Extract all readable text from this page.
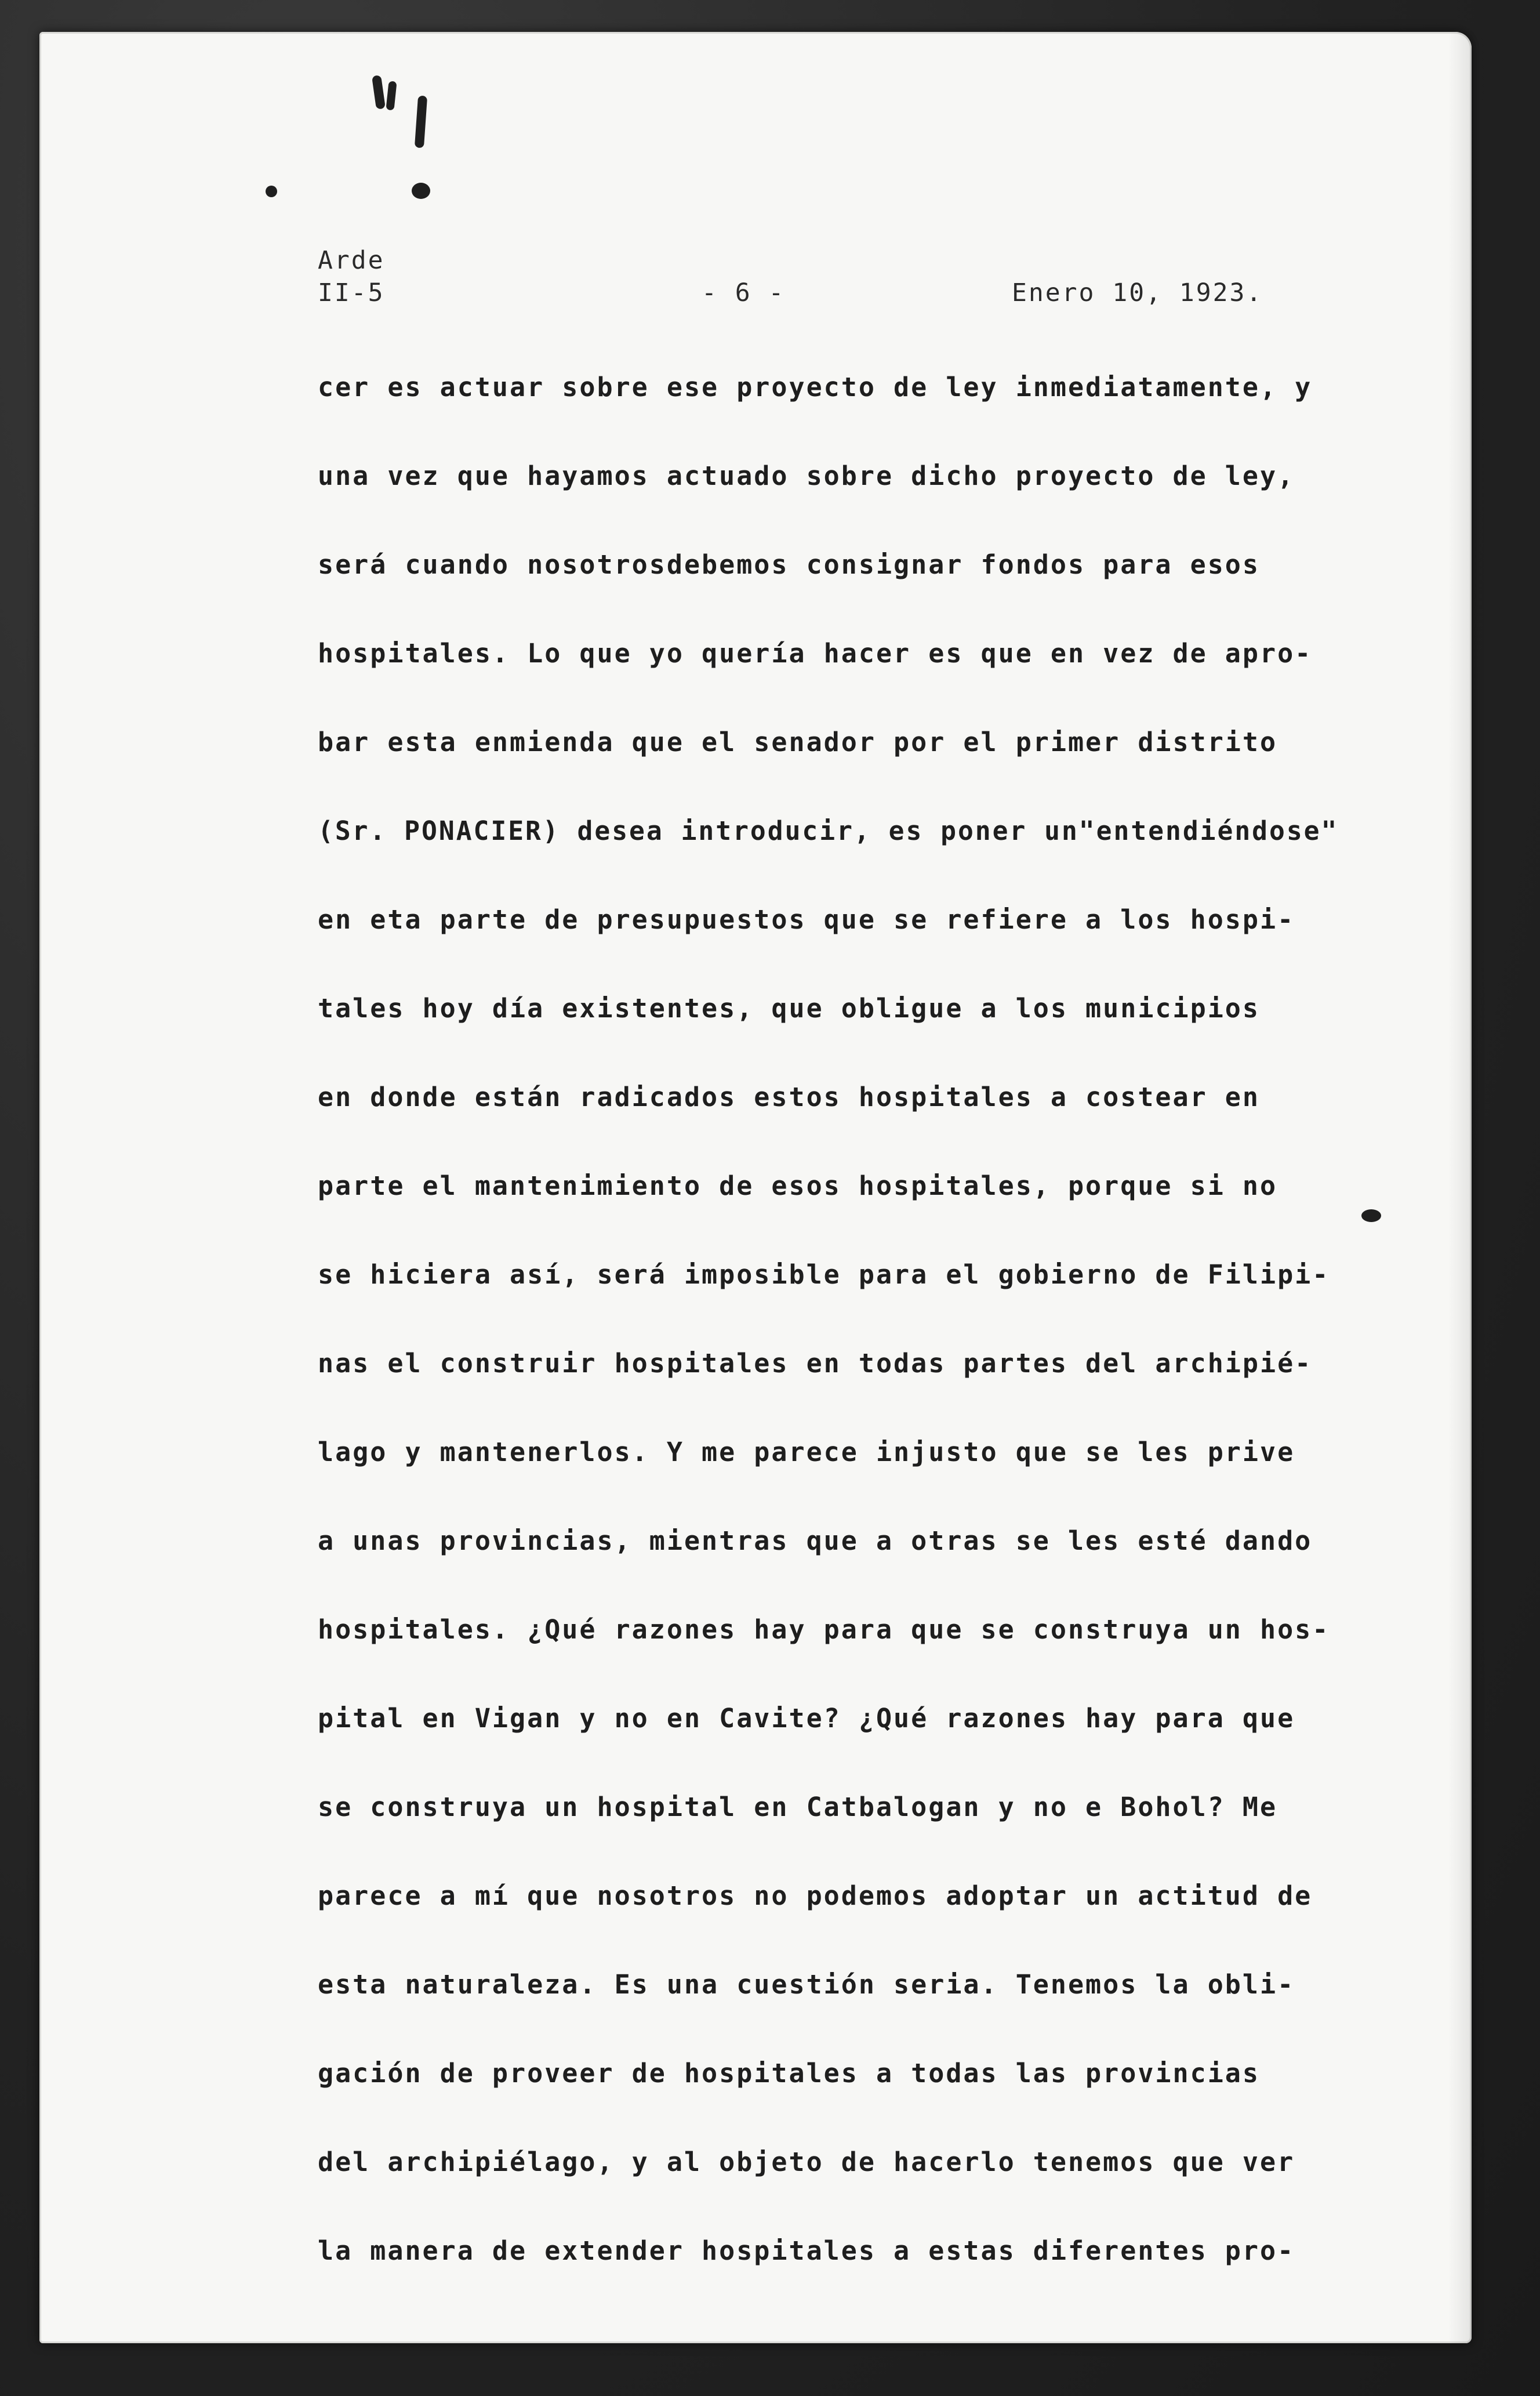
Arde
II-5	- 6 -	Enero 10, 1923.
cer es actuar sobre ese proyecto de ley inmediatamente, y
una vez que hayamos actuado sobre dicho proyecto de ley,
será cuando nosotrosdebemos consignar fondos para esos
hospitales. Lo que yo quería hacer es que en vez de apro-
bar esta enmienda que el senador por el primer distrito
(Sr. PONACIER) desea introducir, es poner un"entendiéndose"
en eta parte de presupuestos que se refiere a los hospi-
tales hoy día existentes, que obligue a los municipios
en donde están radicados estos hospitales a costear en
parte el mantenimiento de esos hospitales, porque si no
se hiciera así, será imposible para el gobierno de Filipi-
nas el construir hospitales en todas partes del archipié-
lago y mantenerlos. Y me parece injusto que se les prive
a unas provincias, mientras que a otras se les esté dando
hospitales. ¿Qué razones hay para que se construya un hos-
pital en Vigan y no en Cavite? ¿Qué razones hay para que
se construya un hospital en Catbalogan y no e Bohol? Me
parece a mí que nosotros no podemos adoptar un actitud de
esta naturaleza. Es una cuestión seria. Tenemos la obli-
gación de proveer de hospitales a todas las provincias
del archipiélago, y al objeto de hacerlo tenemos que ver
la manera de extender hospitales a estas diferentes pro-
